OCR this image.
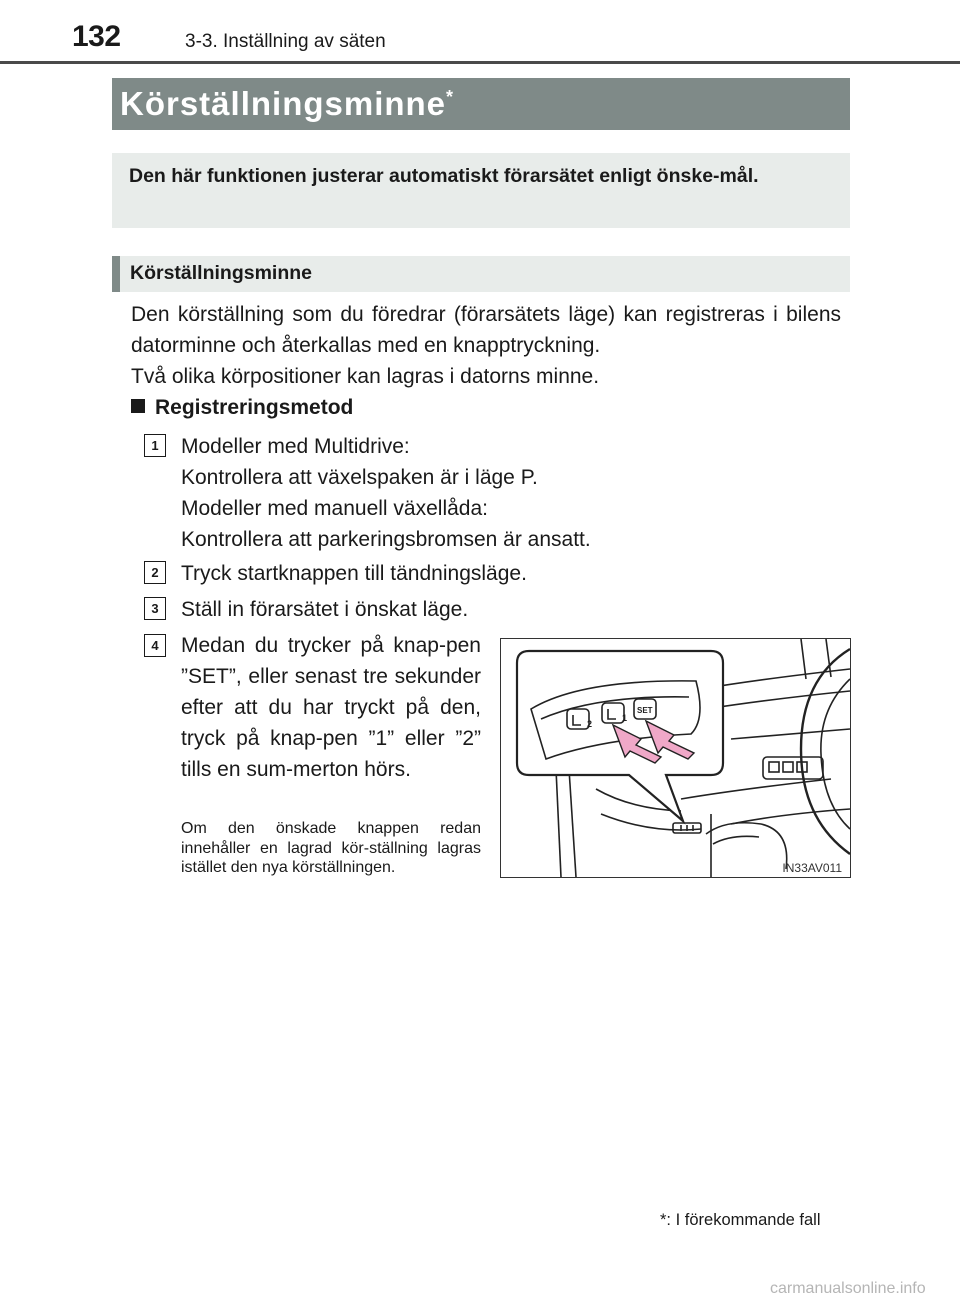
132	3-3. Inställning av säten
Körställningsminne *
Den här funktionen justerar automatiskt förarsätet enligt önske-mål.
Körställningsminne
Den körställning som du föredrar (förarsätets läge) kan registreras i bilens datorminne och återkallas med en knapptryckning.
Två olika körpositioner kan lagras i datorns minne.
Registreringsmetod
1	Modeller med Multidrive:
Kontrollera att växelspaken är i läge P.
Modeller med manuell växellåda:
Kontrollera att parkeringsbromsen är ansatt.
2	Tryck startknappen till tändningsläge.
3	Ställ in förarsätet i önskat läge.
4	Medan du trycker på knap-pen ”SET”, eller senast tre sekunder efter att du har tryckt på den, tryck på knap-pen ”1” eller ”2” tills en sum-merton hörs.
Om den önskade knappen redan innehåller en lagrad kör-ställning lagras istället den nya körställningen.
2
1
SET
IN33AV011
*: I förekommande fall
carmanualsonline.info
